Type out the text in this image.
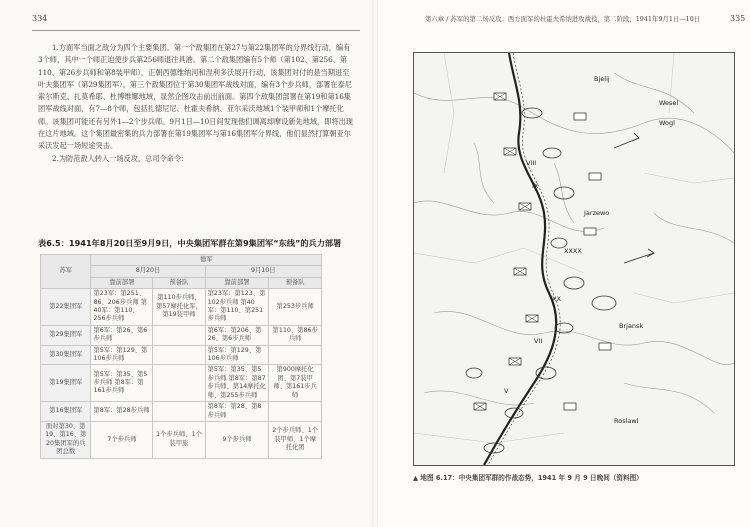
334

1.方面军当面之敌分为四个主要集团。第一个敌集团在第27与第22集团军的分界线行动，编有3个师，其中一个师正迫使步兵第256师退往具港。第二个敌集团编有5个师（第102、第256、第110、第26步兵师和第8装甲师），正朝西德维纳河和涅利多沃展开行动，该集团对付的是当期进至叶夫集团军（第29集团军）。第三个敌集团位于第30集团军战线对面，编有3个步兵师，部署在泰尼索尔斯克、扎莫希耶、杜博维娜地域，显然企图攻击前出前面。第四个敌集团部署在第19和第16集团军战线对面，有7—8个师，包括扎德尼尼、杜霍夫希纳、亚尔采沃地域1个装甲师和1个摩托化师。该集团可能还有另外1—2个步兵师。9月1日—10日间发现他们调离却摩设新先地域，即将出现在这片地域。这个集团最密集的兵力部署在第19集团军与第16集团军分界线，他们显然打算朝亚尔采沃发起一场短途突击。

2.为防范敌人转入一场反攻，总司令命令：

表6.5：1941年8月20日至9月9日，中央集团军群在第9集团军“东线”的兵力部署
苏军	德军			
	8月20日		9月10日	
	靠前部署	预备队	靠前部署	预备队
第22集团军	第23军：第251、86、206步兵师 第40军：第110、256步兵师	第110步兵师，第57摩托化军，第19装甲师	第23军：第123、第102步兵师 第40军：第110、第251步兵师	第253步兵师
第29集团军	第6军：第26、第6步兵师		第6军：第206、第26、第6步兵师	第110、第86步兵师
第30集团军	第5军：第129、第106步兵师		第5军：第129、第106步兵师	
第19集团军	第5军：第35、第5步兵师 第8军：第161步兵师		第5军：第35、第5步兵师 第8军：第87步兵师、第14摩托化师、第255步兵师	第900摩托化团、第7装甲师、第161步兵师
第16集团军	第8军：第28步兵师		第8军：第28、第8步兵师	
面对第30、第19、第16、第20集团军的兵团总数	7个步兵师	1个步兵师、1个装甲旅	9个步兵师	2个步兵师、1个装甲师、1个摩托化团
第六章 / 苏军的第二场反攻：西方面军的杜霍夫希纳进攻战役，第二阶段，1941年9月1日—10日	335
Bjelij
Wesel
Wogl
VIII
IX
XXXX
XX
VII
V
Jarzewo
Brjansk
Roslawl
▲ 地图 6.17：中央集团军群的作战态势，1941 年 9 月 9 日晚间（资料图）
